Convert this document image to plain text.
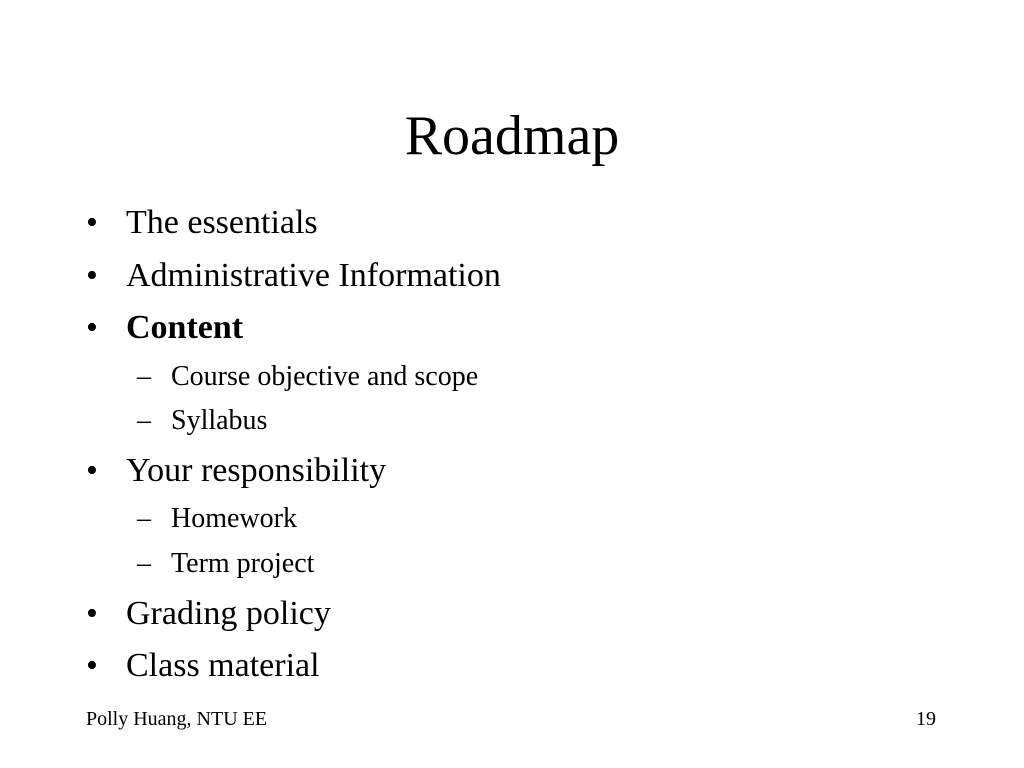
Roadmap
• The essentials
• Administrative Information
• Content
– Course objective and scope
– Syllabus
• Your responsibility
– Homework
– Term project
• Grading policy
• Class material
Polly Huang, NTU EE	19
